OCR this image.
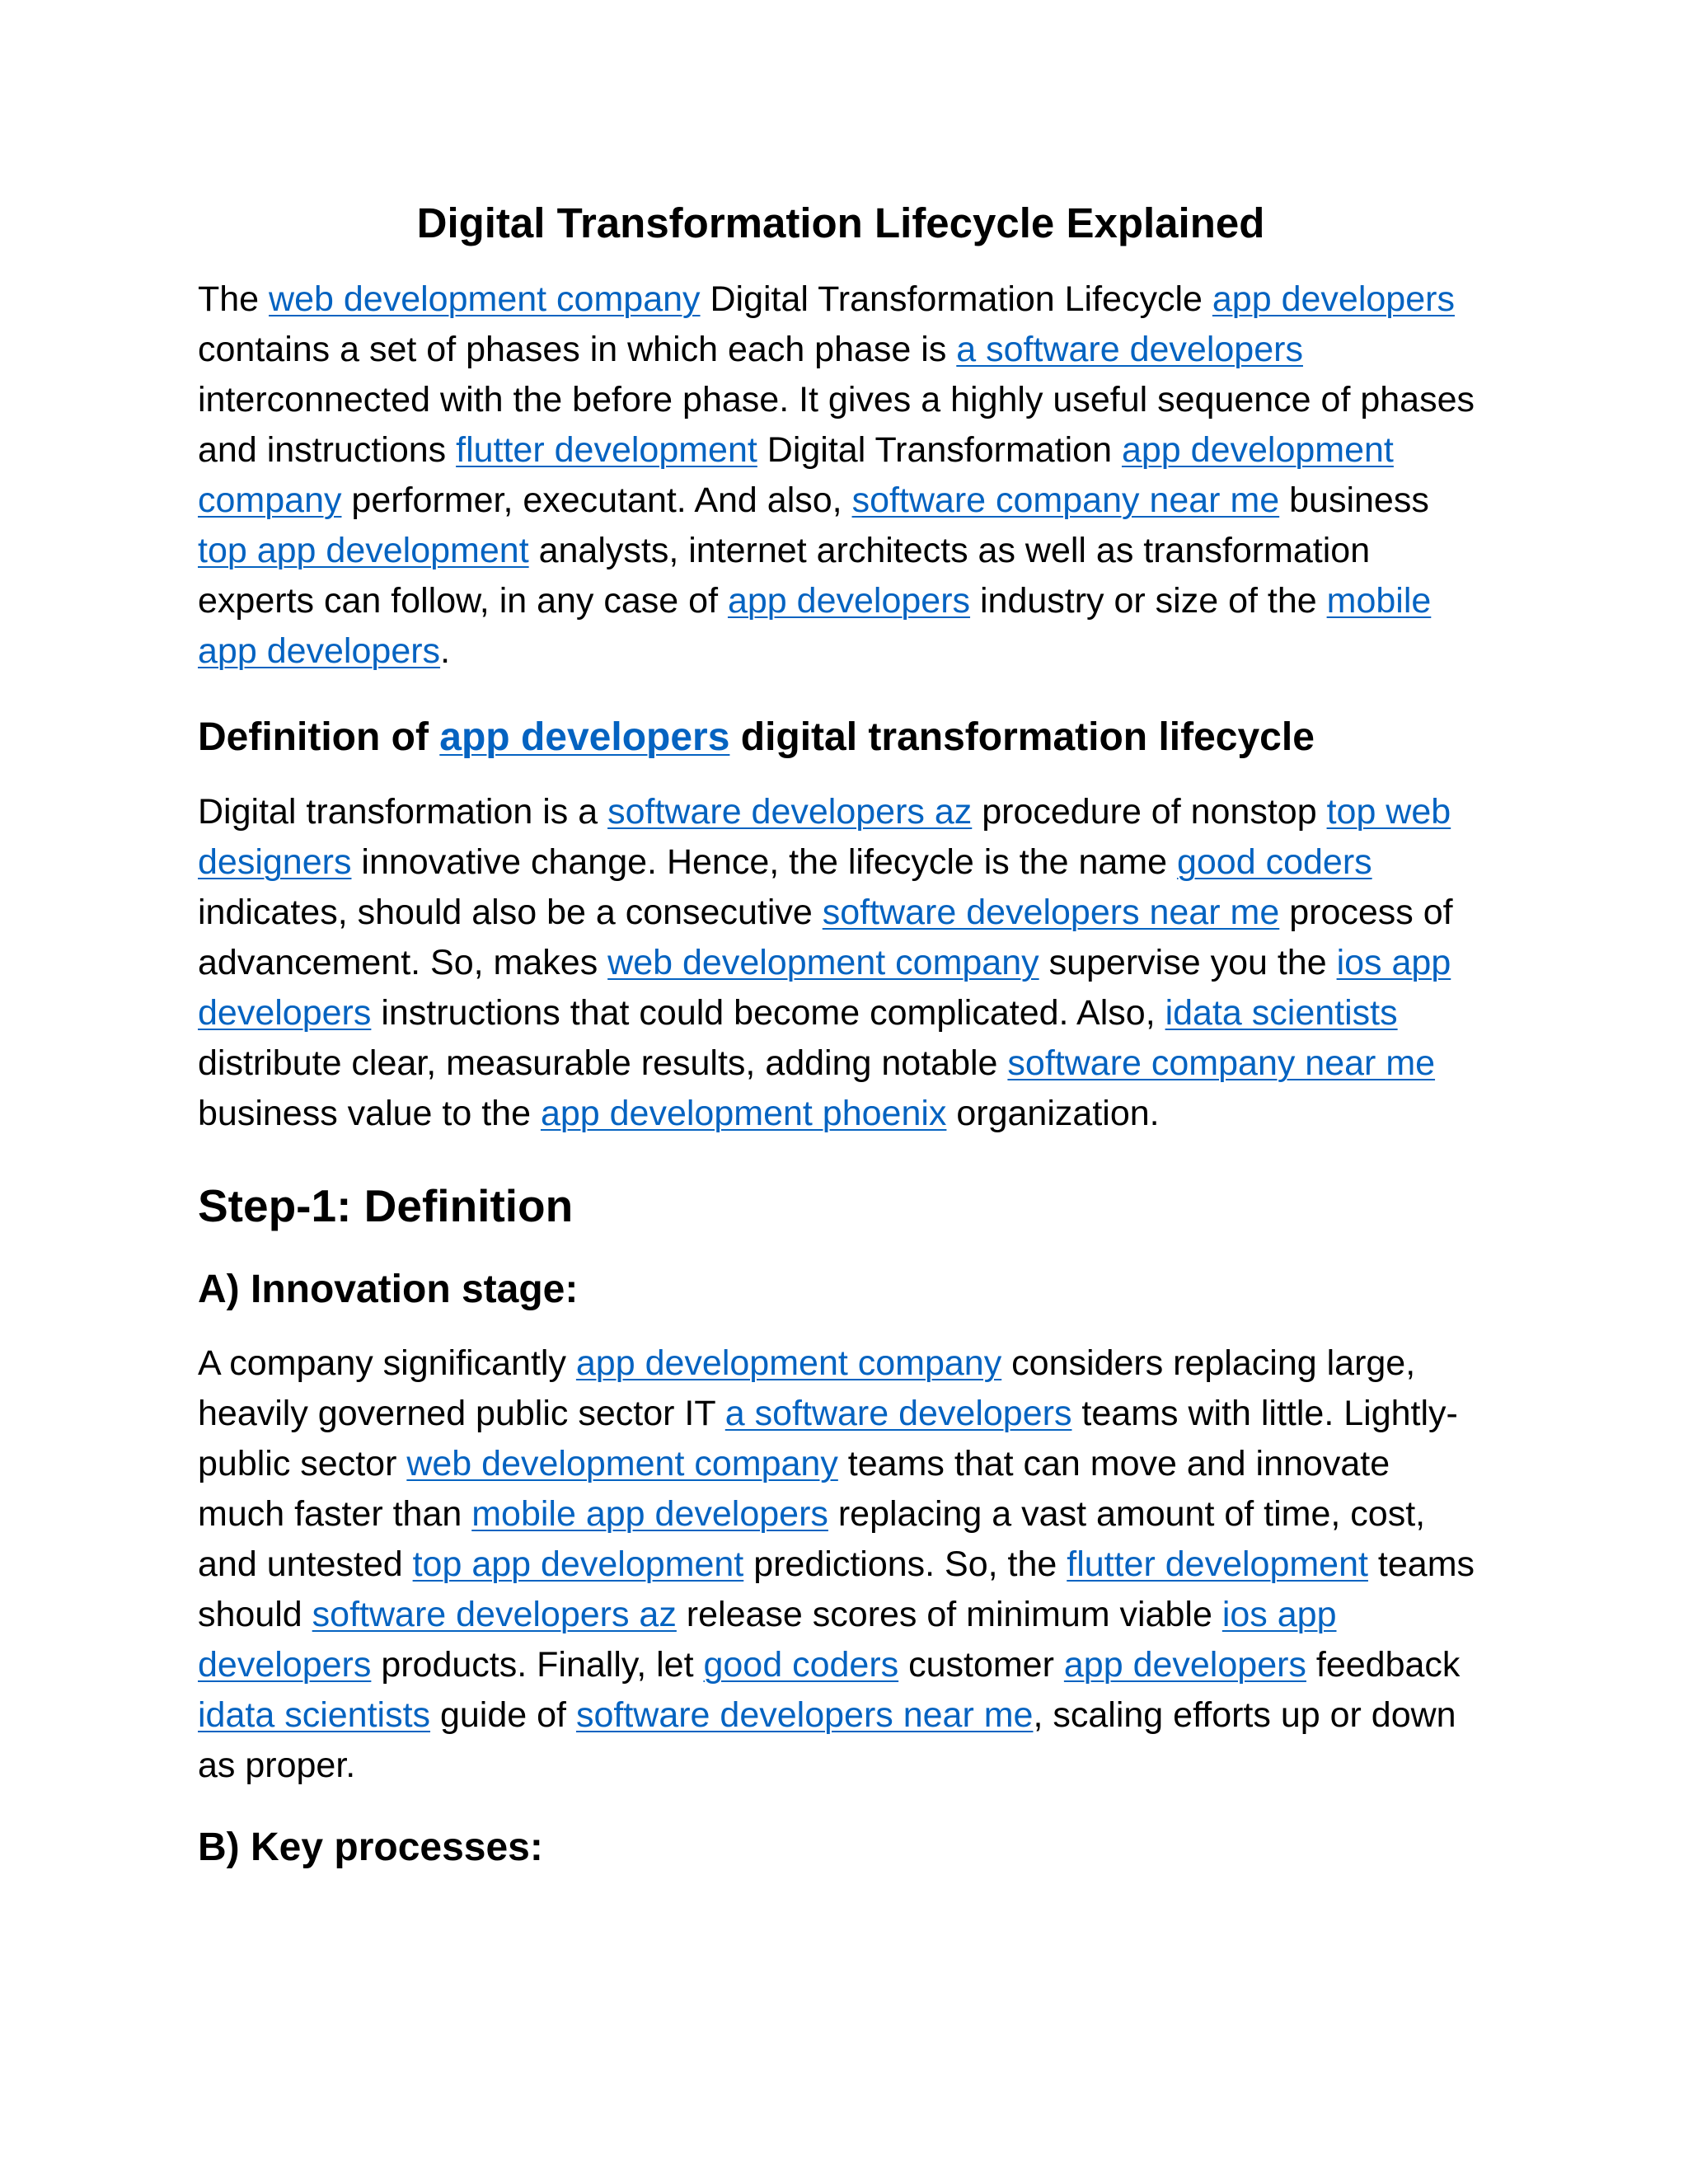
Digital Transformation Lifecycle Explained

The web development company Digital Transformation Lifecycle app developers contains a set of phases in which each phase is a software developers interconnected with the before phase. It gives a highly useful sequence of phases and instructions flutter development Digital Transformation app development company performer, executant. And also, software company near me business top app development analysts, internet architects as well as transformation experts can follow, in any case of app developers industry or size of the mobile app developers.

Definition of app developers digital transformation lifecycle

Digital transformation is a software developers az procedure of nonstop top web designers innovative change. Hence, the lifecycle is the name good coders indicates, should also be a consecutive software developers near me process of advancement. So, makes web development company supervise you the ios app developers instructions that could become complicated. Also, idata scientists distribute clear, measurable results, adding notable software company near me business value to the app development phoenix organization.

Step-1: Definition
A) Innovation stage:

A company significantly app development company considers replacing large, heavily governed public sector IT a software developers teams with little. Lightly-public sector web development company teams that can move and innovate much faster than mobile app developers replacing a vast amount of time, cost, and untested top app development predictions. So, the flutter development teams should software developers az release scores of minimum viable ios app developers products. Finally, let good coders customer app developers feedback idata scientists guide of software developers near me, scaling efforts up or down as proper.

B) Key processes:
